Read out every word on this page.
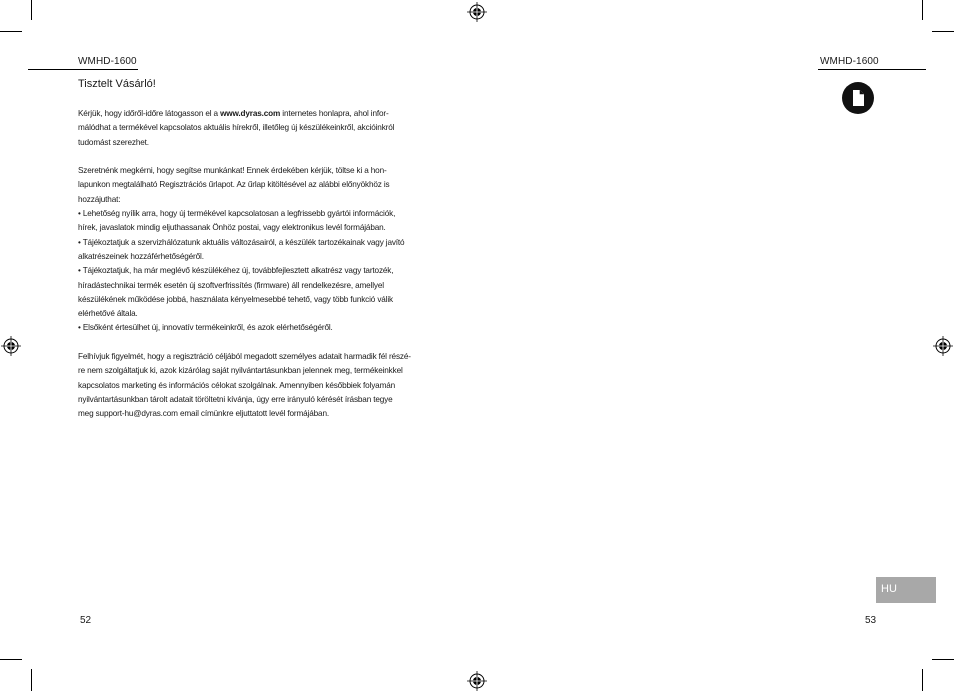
WMHD-1600	WMHD-1600
Tisztelt Vásárló!

Kérjük, hogy időről-időre látogasson el a www.dyras.com internetes honlapra, ahol infor-
málódhat a termékével kapcsolatos aktuális hírekről, illetőleg új készülékeinkről, akcióinkról
tudomást szerezhet.

Szeretnénk megkérni, hogy segítse munkánkat! Ennek érdekében kérjük, töltse ki a hon-
lapunkon megtalálható Regisztrációs űrlapot. Az űrlap kitöltésével az alábbi előnyökhöz is
hozzájuthat:

• Lehetőség nyílik arra, hogy új termékével kapcsolatosan a legfrissebb gyártói információk,
hírek, javaslatok mindig eljuthassanak Önhöz postai, vagy elektronikus levél formájában.

• Tájékoztatjuk a szervizhálózatunk aktuális változásairól, a készülék tartozékainak vagy javító
alkatrészeinek hozzáférhetőségéről.

• Tájékoztatjuk, ha már meglévő készülékéhez új, továbbfejlesztett alkatrész vagy tartozék,
híradástechnikai termék esetén új szoftverfrissítés (firmware) áll rendelkezésre, amellyel
készülékének működése jobbá, használata kényelmesebbé tehető, vagy több funkció válik
elérhetővé általa.

• Elsőként értesülhet új, innovatív termékeinkről, és azok elérhetőségéről.

Felhívjuk figyelmét, hogy a regisztráció céljából megadott személyes adatait harmadik fél részé-
re nem szolgáltatjuk ki, azok kizárólag saját nyilvántartásunkban jelennek meg, termékeinkkel
kapcsolatos marketing és információs célokat szolgálnak. Amennyiben későbbiek folyamán
nyilvántartásunkban tárolt adatait töröltetni kívánja, úgy erre irányuló kérését írásban tegye
meg support-hu@dyras.com email címünkre eljuttatott levél formájában.

HU
52	53
